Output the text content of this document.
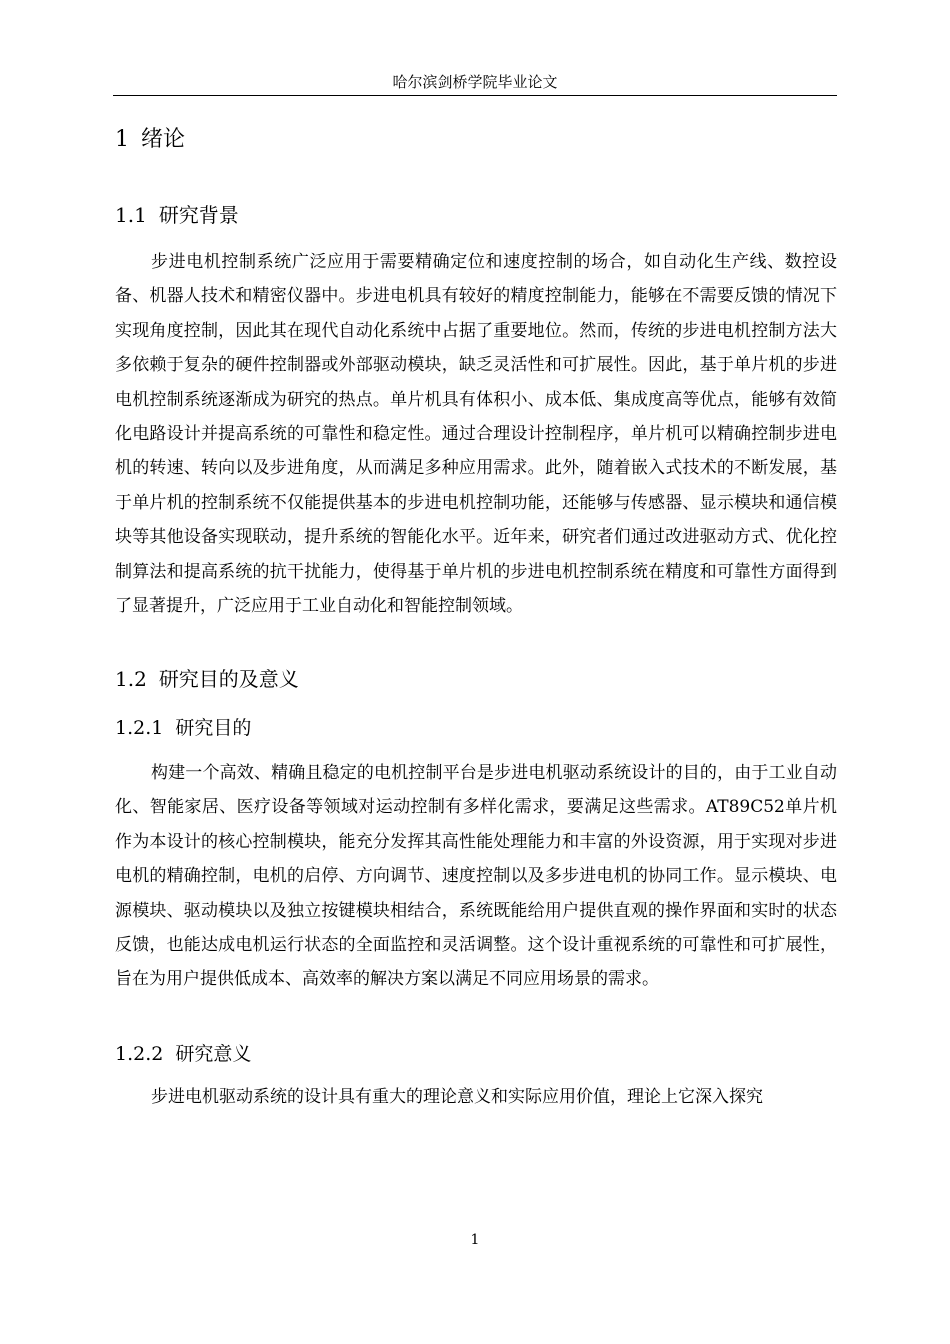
哈尔滨剑桥学院毕业论文
1 绪论
1.1 研究背景

步进电机控制系统广泛应用于需要精确定位和速度控制的场合，如自动化生产线、数控设备、机器人技术和精密仪器中。步进电机具有较好的精度控制能力，能够在不需要反馈的情况下实现角度控制，因此其在现代自动化系统中占据了重要地位。然而，传统的步进电机控制方法大多依赖于复杂的硬件控制器或外部驱动模块，缺乏灵活性和可扩展性。因此，基于单片机的步进电机控制系统逐渐成为研究的热点。单片机具有体积小、成本低、集成度高等优点，能够有效简化电路设计并提高系统的可靠性和稳定性。通过合理设计控制程序，单片机可以精确控制步进电机的转速、转向以及步进角度，从而满足多种应用需求。此外，随着嵌入式技术的不断发展，基于单片机的控制系统不仅能提供基本的步进电机控制功能，还能够与传感器、显示模块和通信模块等其他设备实现联动，提升系统的智能化水平。近年来，研究者们通过改进驱动方式、优化控制算法和提高系统的抗干扰能力，使得基于单片机的步进电机控制系统在精度和可靠性方面得到了显著提升，广泛应用于工业自动化和智能控制领域。

1.2 研究目的及意义
1.2.1 研究目的

构建一个高效、精确且稳定的电机控制平台是步进电机驱动系统设计的目的，由于工业自动化、智能家居、医疗设备等领域对运动控制有多样化需求，要满足这些需求。AT89C52单片机作为本设计的核心控制模块，能充分发挥其高性能处理能力和丰富的外设资源，用于实现对步进电机的精确控制，电机的启停、方向调节、速度控制以及多步进电机的协同工作。显示模块、电源模块、驱动模块以及独立按键模块相结合，系统既能给用户提供直观的操作界面和实时的状态反馈，也能达成电机运行状态的全面监控和灵活调整。这个设计重视系统的可靠性和可扩展性，旨在为用户提供低成本、高效率的解决方案以满足不同应用场景的需求。

1.2.2 研究意义

步进电机驱动系统的设计具有重大的理论意义和实际应用价值，理论上它深入探究

1
